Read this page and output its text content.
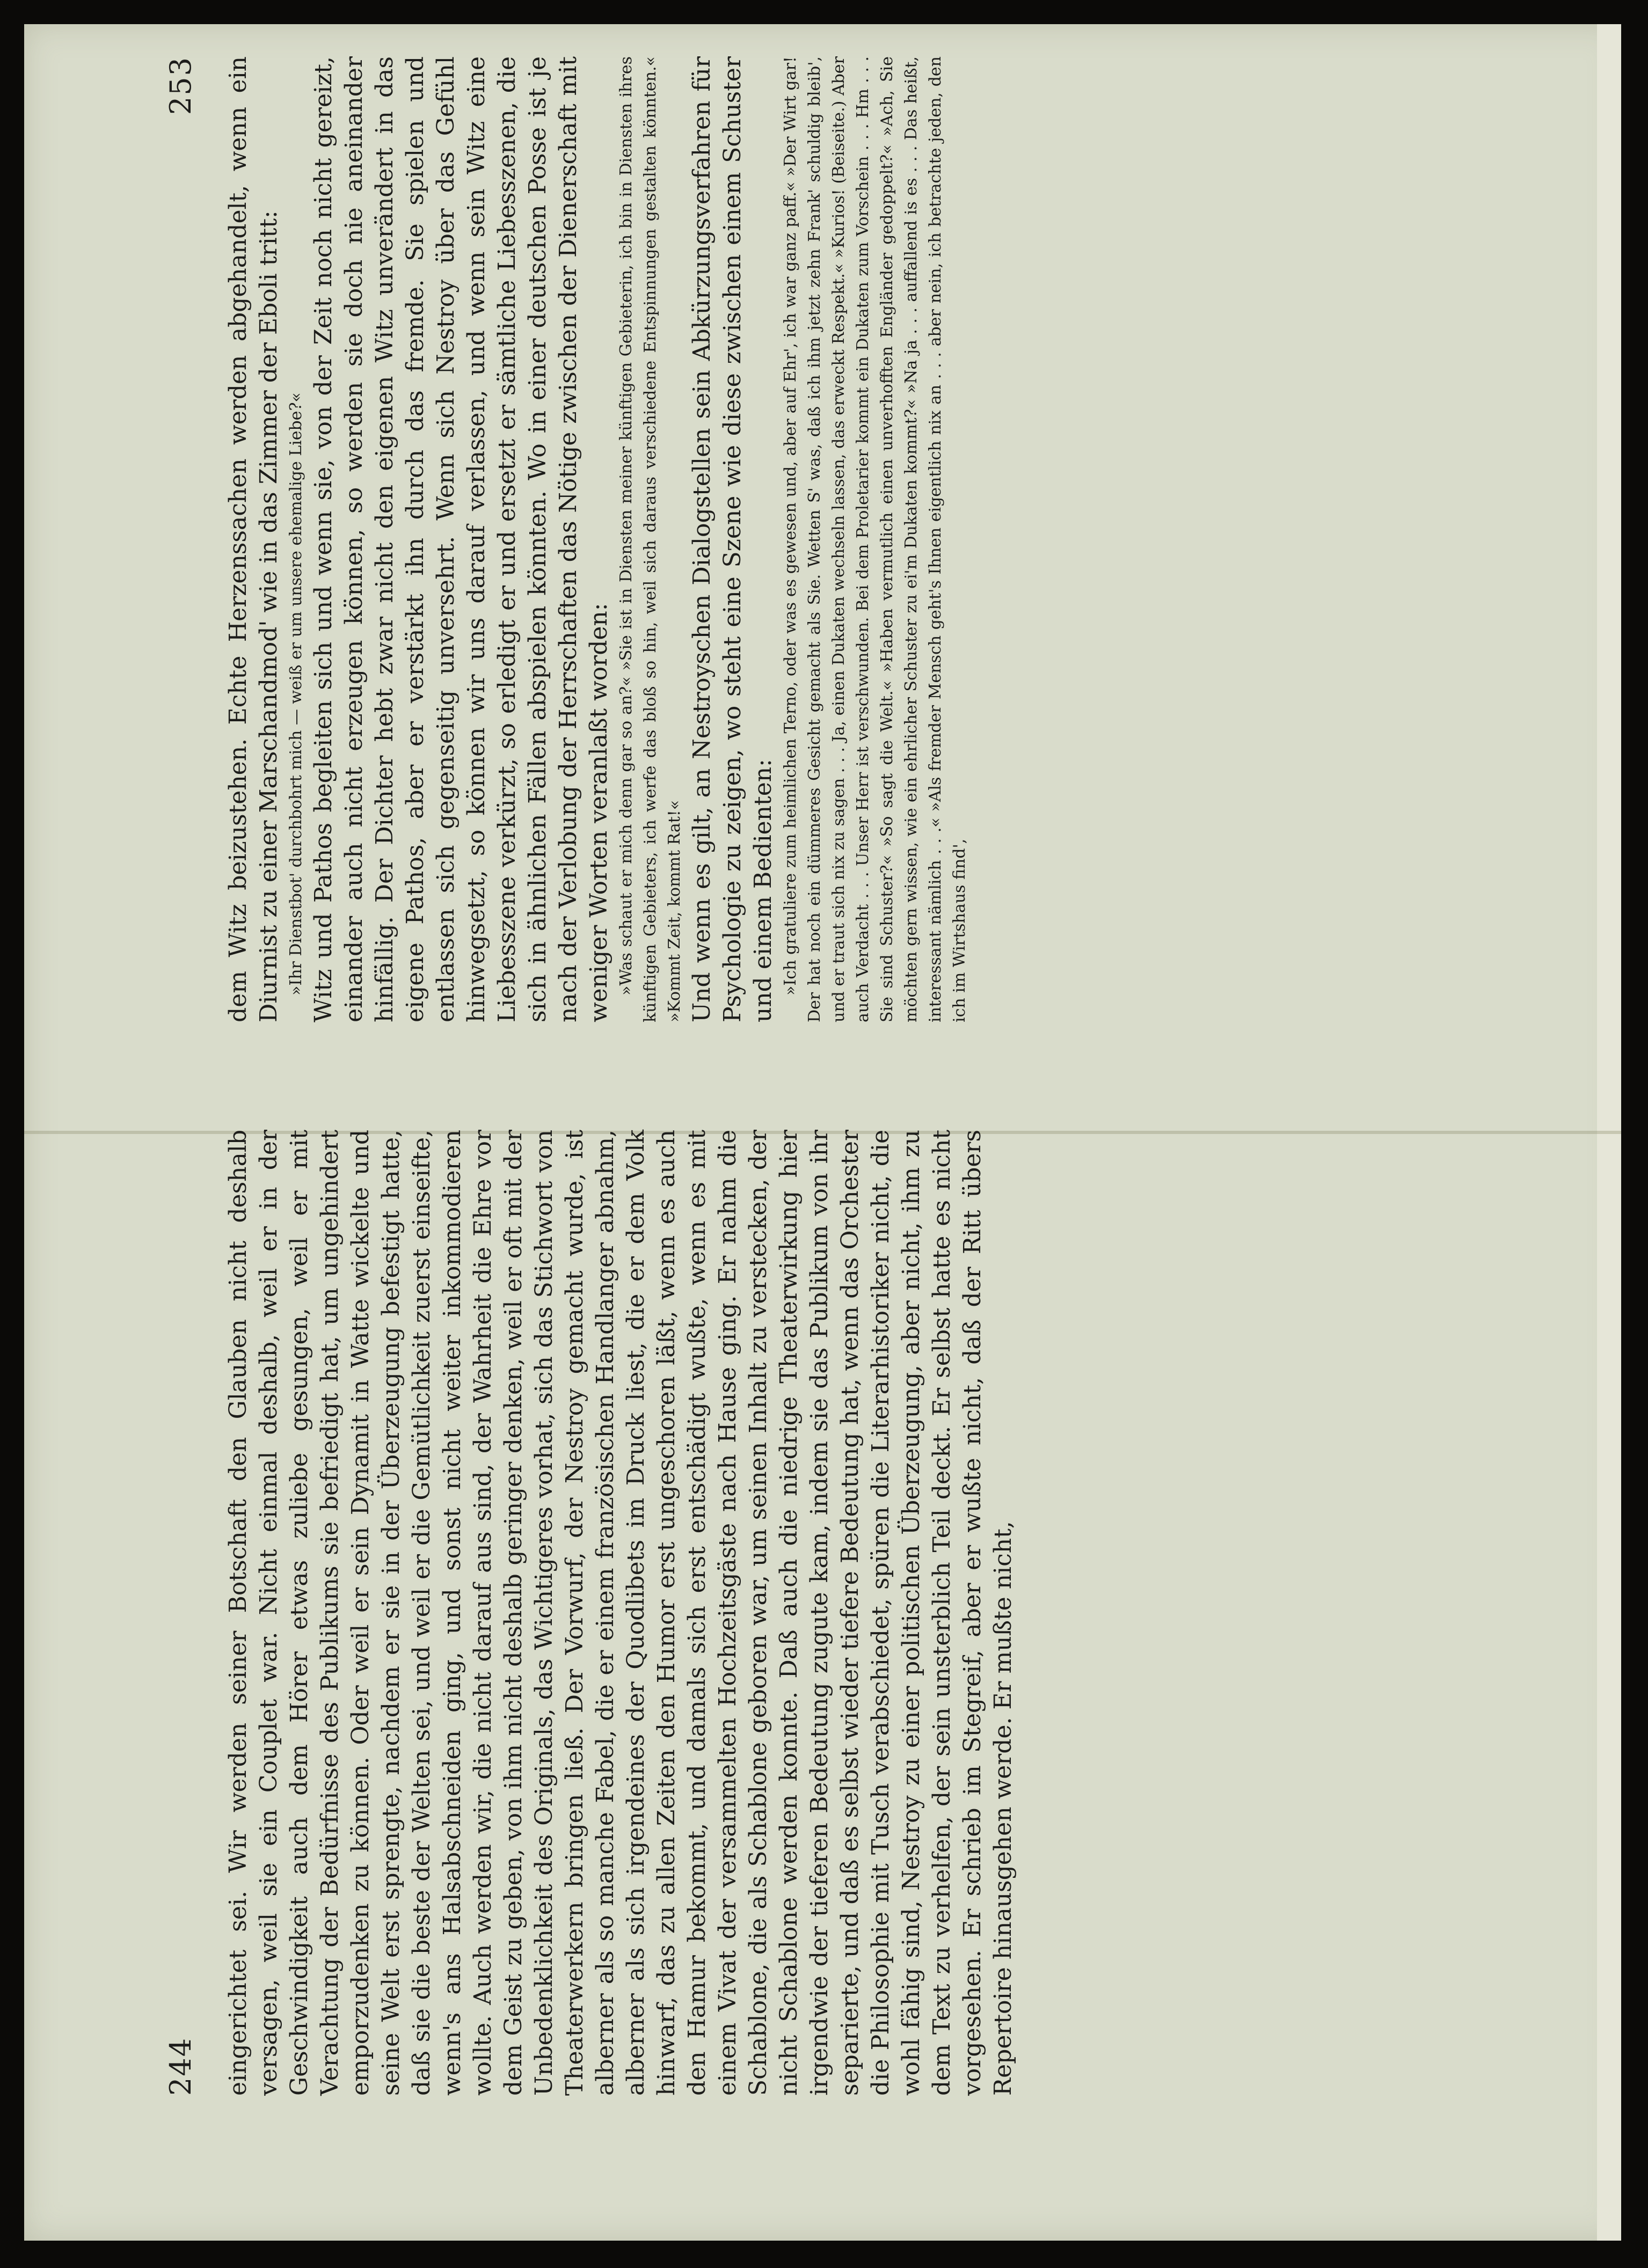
244 eingerichtet sei. Wir werden seiner Botschaft den Glauben nicht deshalb versagen, weil sie ein Couplet war. Nicht einmal deshalb, weil er in der Geschwindigkeit auch dem Hörer etwas zuliebe gesungen, weil er mit Verachtung der Bedürfnisse des Publikums sie befriedigt hat, um ungehindert emporzudenken zu können. Oder weil er sein Dynamit in Watte wickelte und seine Welt erst sprengte, nachdem er sie in der Überzeugung befestigt hatte, daß sie die beste der Welten sei, und weil er die Gemütlichkeit zuerst einseifte, wenn's ans Halsabschneiden ging, und sonst nicht weiter inkommodieren wollte. Auch werden wir, die nicht darauf aus sind, der Wahrheit die Ehre vor dem Geist zu geben, von ihm nicht deshalb geringer denken, weil er oft mit der Unbedenklichkeit des Originals, das Wichtigeres vorhat, sich das Stichwort von Theaterwerkern bringen ließ. Der Vorwurf, der Nestroy gemacht wurde, ist alberner als so manche Fabel, die er einem französischen Handlanger abnahm, alberner als sich irgendeines der Quodlibets im Druck liest, die er dem Volk hinwarf, das zu allen Zeiten den Humor erst ungeschoren läßt, wenn es auch den Hamur bekommt, und damals sich erst entschädigt wußte, wenn es mit einem Vivat der versammelten Hochzeitsgäste nach Hause ging. Er nahm die Schablone, die als Schablone geboren war, um seinen Inhalt zu verstecken, der nicht Schablone werden konnte. Daß auch die niedrige Theaterwirkung hier irgendwie der tieferen Bedeutung zugute kam, indem sie das Publikum von ihr separierte, und daß es selbst wieder tiefere Bedeutung hat, wenn das Orchester die Philosophie mit Tusch verabschiedet, spüren die Literarhistoriker nicht, die wohl fähig sind, Nestroy zu einer politischen Überzeugung, aber nicht, ihm zu dem Text zu verhelfen, der sein unsterblich Teil deckt. Er selbst hatte es nicht vorgesehen. Er schrieb im Stegreif, aber er wußte nicht, daß der Ritt übers Repertoire hinausgehen werde. Er mußte nicht,

253 dem Witz beizustehen. Echte Herzenssachen werden abgehandelt, wenn ein Diurnist zu einer Marschandmod' wie in das Zimmer der Eboli tritt: »Ihr Dienstbot' durchbohrt mich — weiß er um unsere ehemalige Liebe?« Witz und Pathos begleiten sich und wenn sie, von der Zeit noch nicht gereizt, einander auch nicht erzeugen können, so werden sie doch nie aneinander hinfällig. Der Dichter hebt zwar nicht den eigenen Witz unverändert in das eigene Pathos, aber er verstärkt ihn durch das fremde. Sie spielen und entlassen sich gegenseitig unversehrt. Wenn sich Nestroy über das Gefühl hinwegsetzt, so können wir uns darauf verlassen, und wenn sein Witz eine Liebesszene verkürzt, so erledigt er und ersetzt er sämtliche Liebesszenen, die sich in ähnlichen Fällen abspielen könnten. Wo in einer deutschen Posse ist je nach der Verlobung der Herrschaften das Nötige zwischen der Dienerschaft mit weniger Worten veranlaßt worden: »Was schaut er mich denn gar so an?« »Sie ist in Diensten meiner künftigen Gebieterin, ich bin in Diensten ihres künftigen Gebieters, ich werfe das bloß so hin, weil sich daraus verschiedene Entspinnungen gestalten könnten.« »Kommt Zeit, kommt Rat!« Und wenn es gilt, an Nestroyschen Dialogstellen sein Abkürzungsverfahren für Psychologie zu zeigen, wo steht eine Szene wie diese zwischen einem Schuster und einem Bedienten: »Ich gratuliere zum heimlichen Terno, oder was es gewesen und, aber auf Ehr', ich war ganz paff.« »Der Wirt gar! Der hat noch ein dümmeres Gesicht gemacht als Sie. Wetten S' was, daß ich ihm jetzt zehn Frank' schuldig bleib', und er traut sich nix zu sagen . . . Ja, einen Dukaten wechseln lassen, das erweckt Respekt.« »Kurios! (Beiseite.) Aber auch Verdacht . . . Unser Herr ist verschwunden. Bei dem Proletarier kommt ein Dukaten zum Vorschein . . . Hm . . . Sie sind Schuster?« »So sagt die Welt.« »Haben vermutlich einen unverhofften Engländer gedoppelt?« »Ach, Sie möchten gern wissen, wie ein ehrlicher Schuster zu ei'm Dukaten kommt?« »Na ja . . . auffallend is es . . . Das heißt, interessant nämlich . . .« »Als fremder Mensch geht's Ihnen eigentlich nix an . . . aber nein, ich betrachte jeden, den ich im Wirtshaus find',
